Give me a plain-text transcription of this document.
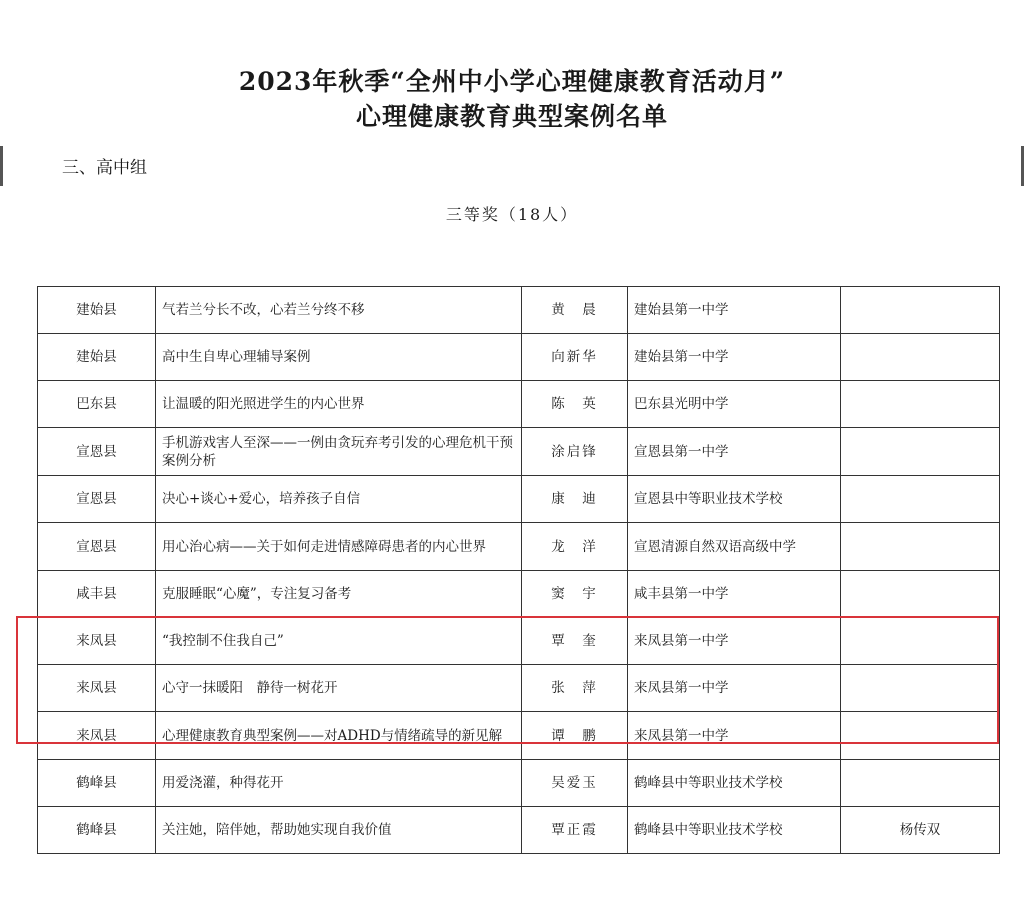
2023年秋季“全州中小学心理健康教育活动月”
心理健康教育典型案例名单
三、高中组
三等奖（18人）
建始县	气若兰兮长不改，心若兰兮终不移	黄　晨	建始县第一中学	
建始县	高中生自卑心理辅导案例	向新华	建始县第一中学	
巴东县	让温暖的阳光照进学生的内心世界	陈　英	巴东县光明中学	
宣恩县	手机游戏害人至深——一例由贪玩弃考引发的心理危机干预案例分析	涂启锋	宣恩县第一中学	
宣恩县	决心+谈心+爱心，培养孩子自信	康　迪	宣恩县中等职业技术学校	
宣恩县	用心治心病——关于如何走进情感障碍患者的内心世界	龙　洋	宣恩清源自然双语高级中学	
咸丰县	克服睡眠“心魔”，专注复习备考	窦　宇	咸丰县第一中学	
来凤县	“我控制不住我自己”	覃　奎	来凤县第一中学	
来凤县	心守一抹暖阳　静待一树花开	张　萍	来凤县第一中学	
来凤县	心理健康教育典型案例——对ADHD与情绪疏导的新见解	谭　鹏	来凤县第一中学	
鹤峰县	用爱浇灌，种得花开	吴爱玉	鹤峰县中等职业技术学校	
鹤峰县	关注她，陪伴她，帮助她实现自我价值	覃正霞	鹤峰县中等职业技术学校	杨传双
